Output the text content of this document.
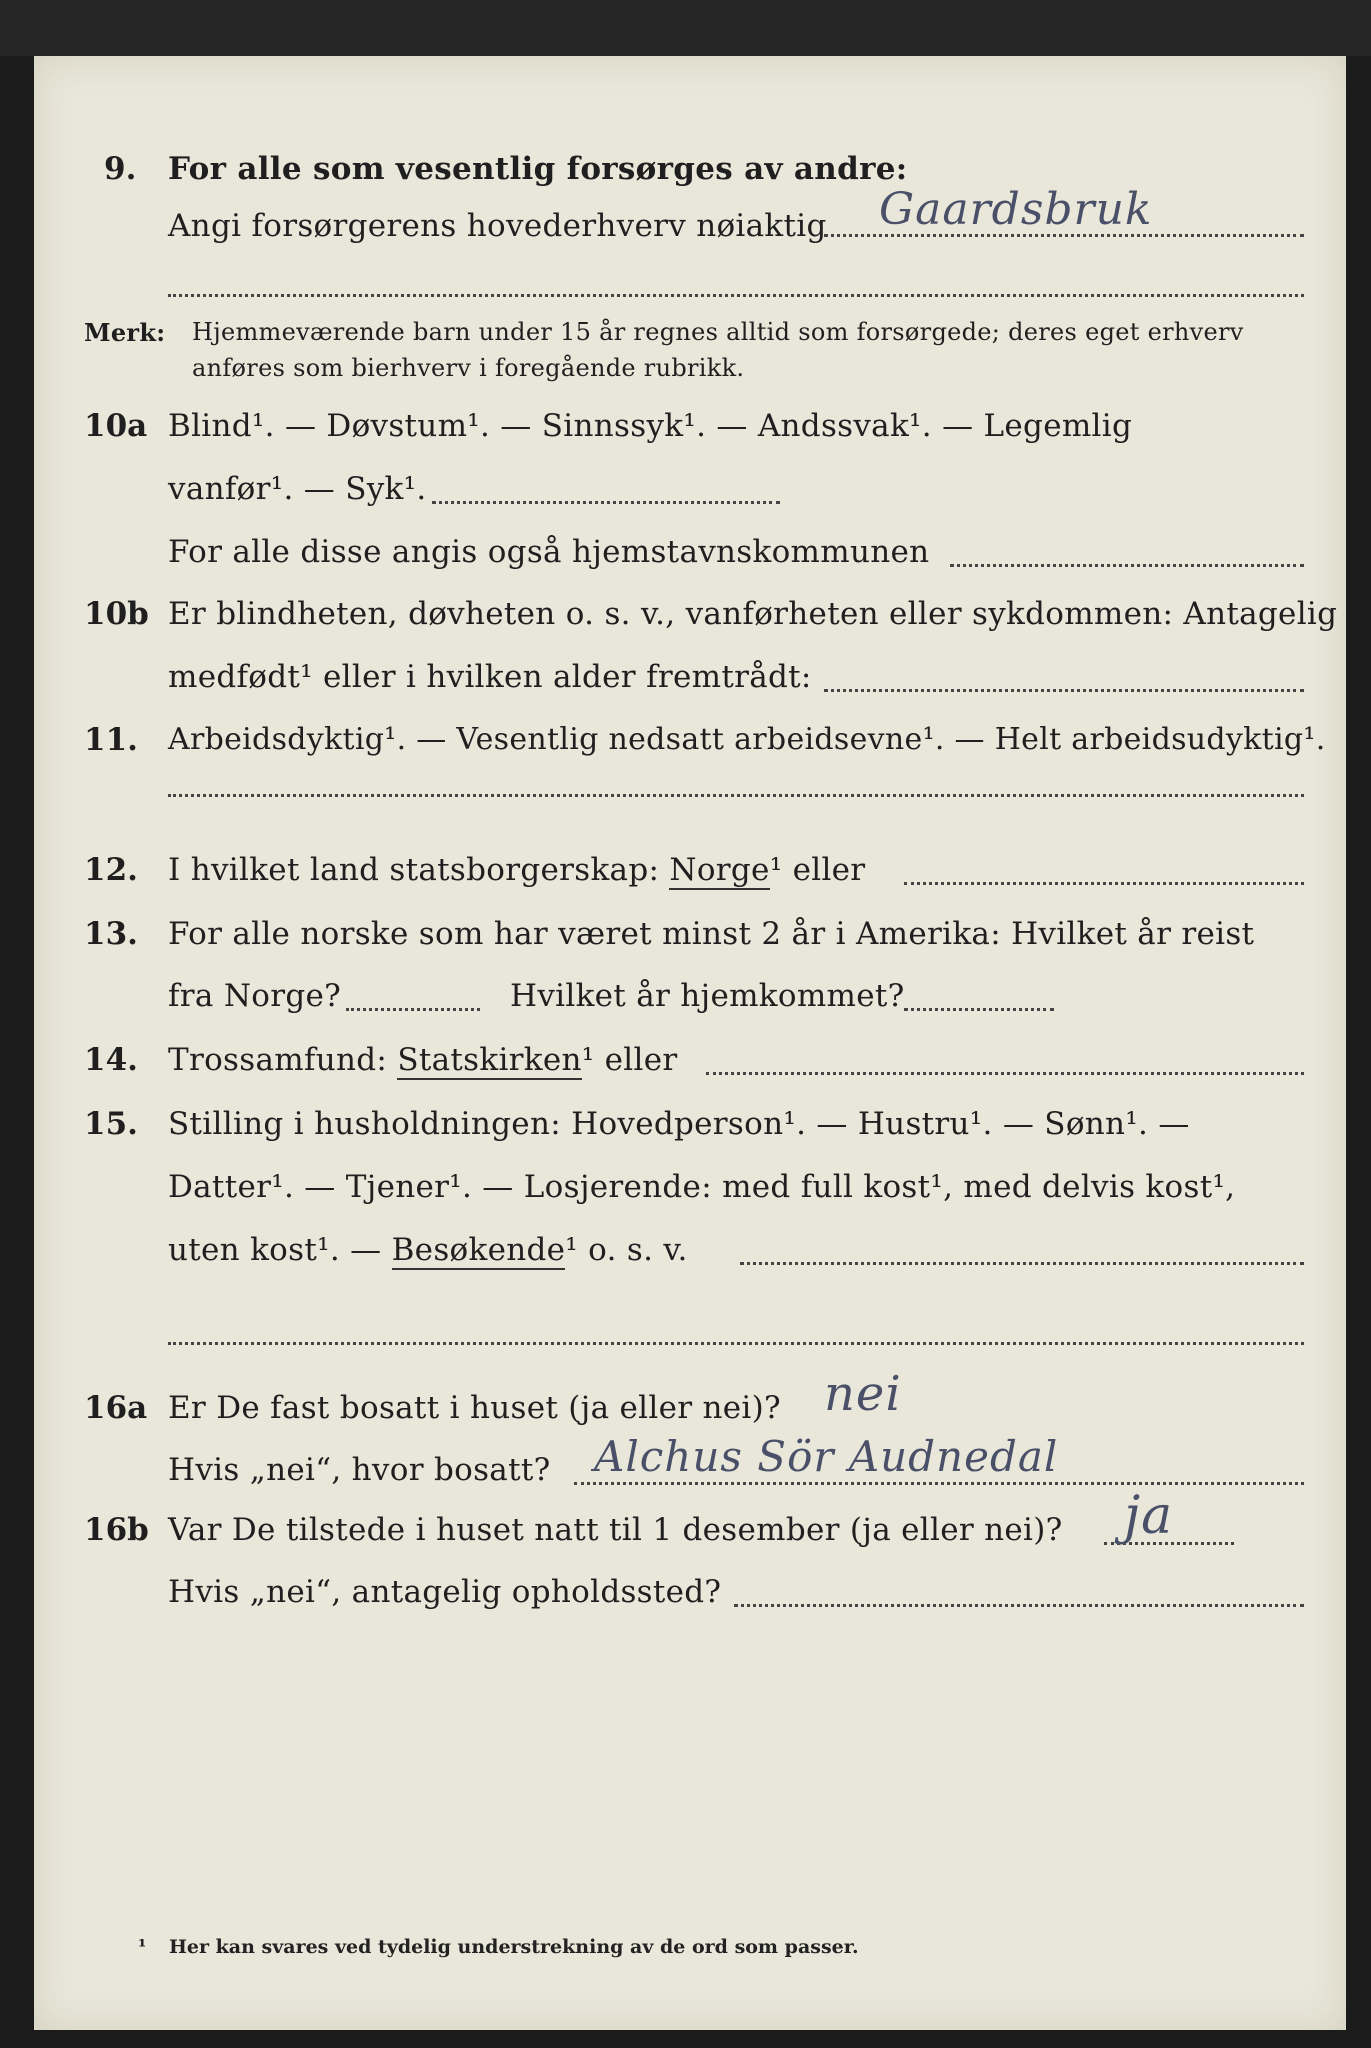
9. For alle som vesentlig forsørges av andre:
Angi forsørgerens hovederhverv nøiaktig Gaardsbruk
Merk: Hjemmeværende barn under 15 år regnes alltid som forsørgede; deres eget erhverv
anføres som bierhverv i foregående rubrikk.
10a Blind¹. — Døvstum¹. — Sinnssyk¹. — Andssvak¹. — Legemlig
vanfør¹. — Syk¹.
For alle disse angis også hjemstavnskommunen
10b Er blindheten, døvheten o. s. v., vanførheten eller sykdommen: Antagelig
medfødt¹ eller i hvilken alder fremtrådt:
11. Arbeidsdyktig¹. — Vesentlig nedsatt arbeidsevne¹. — Helt arbeidsudyktig¹.
12. I hvilket land statsborgerskap: Norge¹ eller
13. For alle norske som har været minst 2 år i Amerika: Hvilket år reist
fra Norge?	Hvilket år hjemkommet?
14. Trossamfund: Statskirken¹ eller
15. Stilling i husholdningen: Hovedperson¹. — Hustru¹. — Sønn¹. —
Datter¹. — Tjener¹. — Losjerende: med full kost¹, med delvis kost¹,
uten kost¹. — Besøkende¹ o. s. v.
16a Er De fast bosatt i huset (ja eller nei)? nei
Hvis „nei“, hvor bosatt? Alchus Sör Audnedal
16b Var De tilstede i huset natt til 1 desember (ja eller nei)? ja
Hvis „nei“, antagelig opholdssted?
¹ Her kan svares ved tydelig understrekning av de ord som passer.
